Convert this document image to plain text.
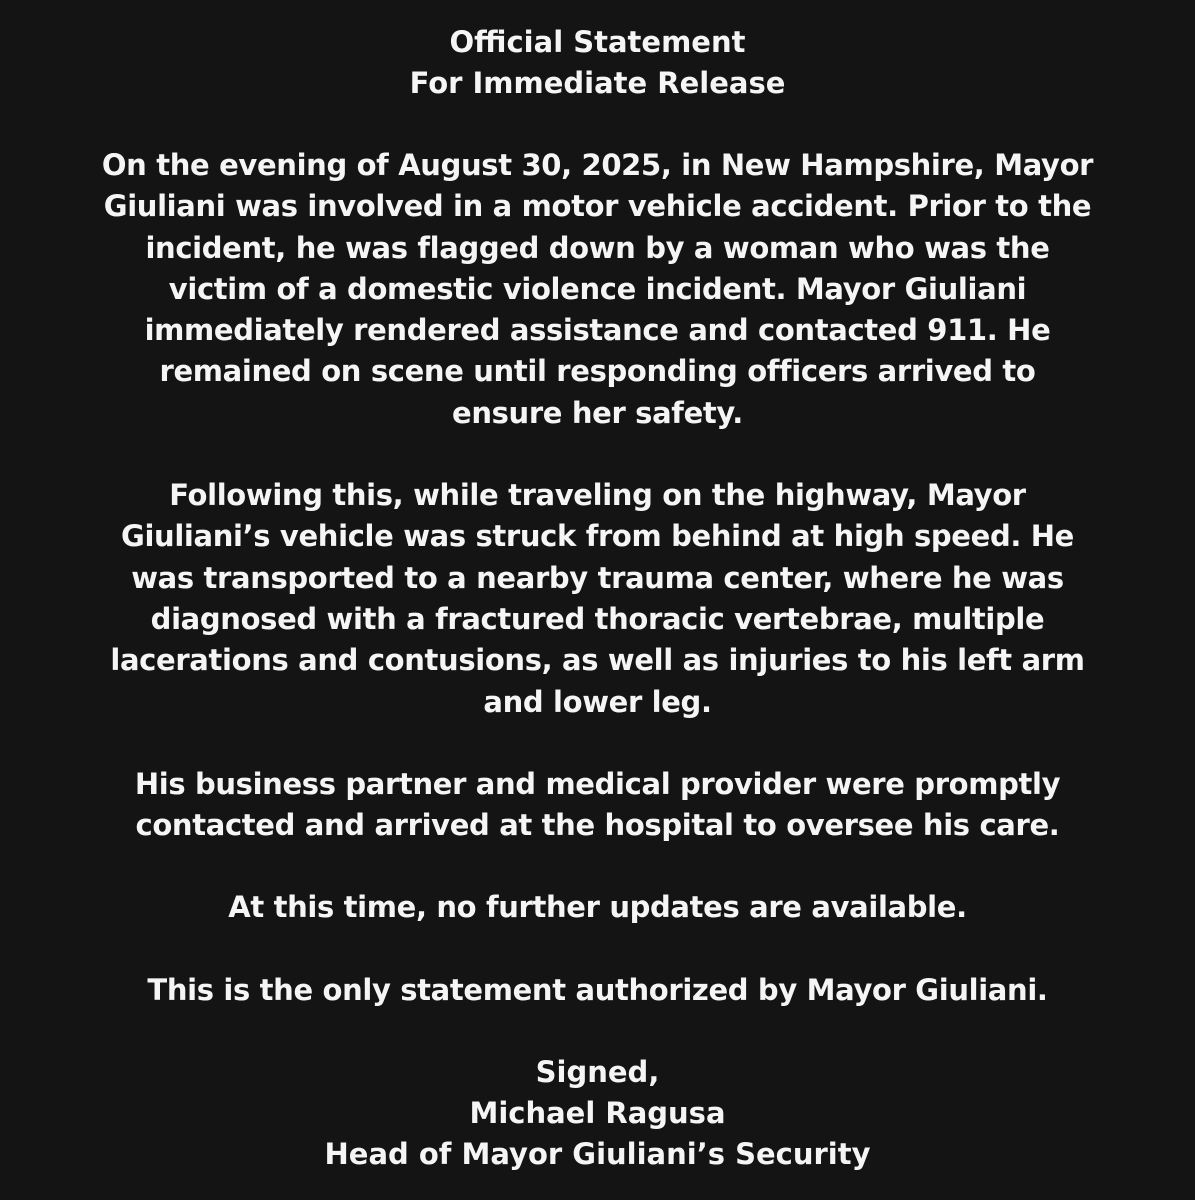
Official Statement

For Immediate Release

On the evening of August 30, 2025, in New Hampshire, Mayor
Giuliani was involved in a motor vehicle accident. Prior to the
incident, he was flagged down by a woman who was the
victim of a domestic violence incident. Mayor Giuliani
immediately rendered assistance and contacted 911. He
remained on scene until responding officers arrived to
ensure her safety.
Following this, while traveling on the highway, Mayor
Giuliani’s vehicle was struck from behind at high speed. He
was transported to a nearby trauma center, where he was
diagnosed with a fractured thoracic vertebrae, multiple
lacerations and contusions, as well as injuries to his left arm
and lower leg.
His business partner and medical provider were promptly
contacted and arrived at the hospital to oversee his care.
At this time, no further updates are available.
This is the only statement authorized by Mayor Giuliani.

Signed,

Michael Ragusa

Head of Mayor Giuliani’s Security
